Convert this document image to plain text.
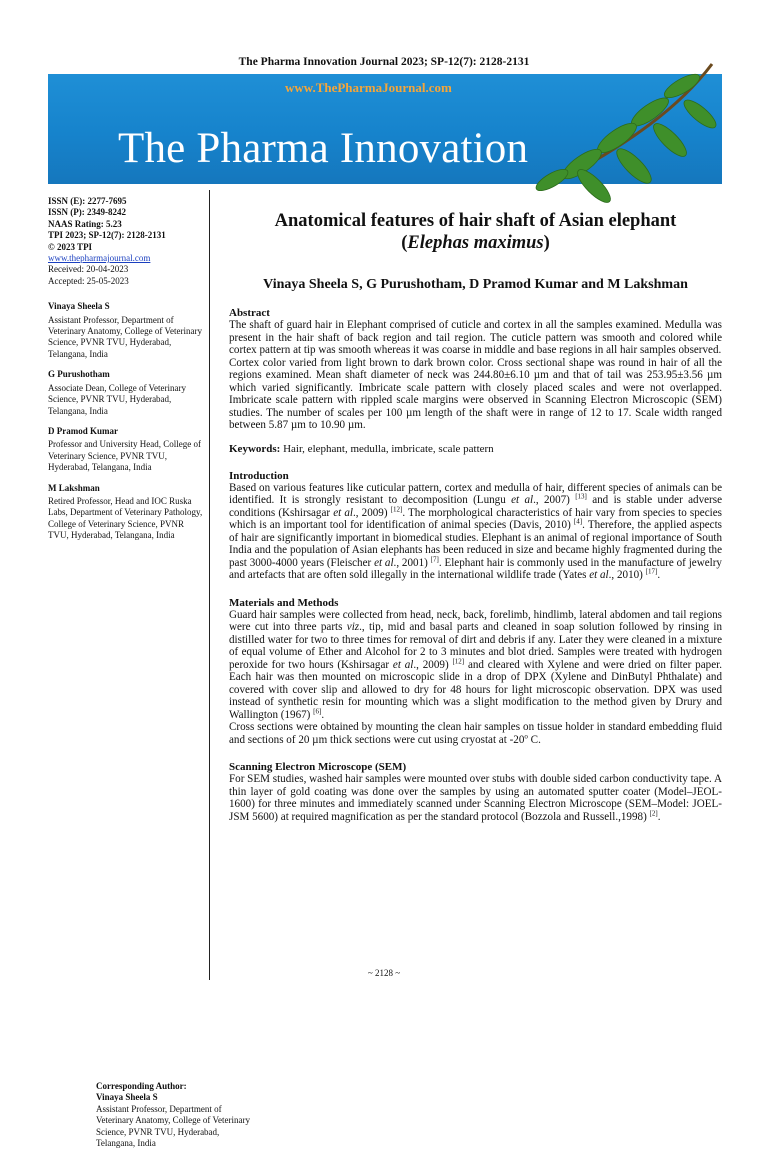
The Pharma Innovation Journal 2023; SP-12(7): 2128-2131
www.ThePharmaJournal.com
The Pharma Innovation
ISSN (E): 2277-7695
ISSN (P): 2349-8242
NAAS Rating: 5.23
TPI 2023; SP-12(7): 2128-2131
© 2023 TPI
www.thepharmajournal.com
Received: 20-04-2023
Accepted: 25-05-2023
Vinaya Sheela S
Assistant Professor, Department of Veterinary Anatomy, College of Veterinary Science, PVNR TVU, Hyderabad, Telangana, India
G Purushotham
Associate Dean, College of Veterinary Science, PVNR TVU, Hyderabad, Telangana, India
D Pramod Kumar
Professor and University Head, College of Veterinary Science, PVNR TVU, Hyderabad, Telangana, India
M Lakshman
Retired Professor, Head and IOC Ruska Labs, Department of Veterinary Pathology, College of Veterinary Science, PVNR TVU, Hyderabad, Telangana, India
Corresponding Author:
Vinaya Sheela S
Assistant Professor, Department of Veterinary Anatomy, College of Veterinary Science, PVNR TVU, Hyderabad, Telangana, India
Anatomical features of hair shaft of Asian elephant
(Elephas maximus)
Vinaya Sheela S, G Purushotham, D Pramod Kumar and M Lakshman
Abstract
The shaft of guard hair in Elephant comprised of cuticle and cortex in all the samples examined. Medulla was present in the hair shaft of back region and tail region. The cuticle pattern was smooth and colored while cortex pattern at tip was smooth whereas it was coarse in middle and base regions in all hair samples observed.
Cortex color varied from light brown to dark brown color. Cross sectional shape was round in hair of all the regions examined. Mean shaft diameter of neck was 244.80±6.10 µm and that of tail was 253.95±3.56 µm which varied significantly. Imbricate scale pattern with closely placed scales and were not overlapped. Imbricate scale pattern with rippled scale margins were observed in Scanning Electron Microscopic (SEM) studies. The number of scales per 100 µm length of the shaft were in range of 12 to 17. Scale width ranged between 5.87 µm to 10.90 µm.
Keywords: Hair, elephant, medulla, imbricate, scale pattern
Introduction
Based on various features like cuticular pattern, cortex and medulla of hair, different species of animals can be identified. It is strongly resistant to decomposition (Lungu et al., 2007) [13] and is stable under adverse conditions (Kshirsagar et al., 2009) [12]. The morphological characteristics of hair vary from species to species which is an important tool for identification of animal species (Davis, 2010) [4]. Therefore, the applied aspects of hair are significantly important in biomedical studies. Elephant is an animal of regional importance of South India and the population of Asian elephants has been reduced in size and became highly fragmented during the past 3000-4000 years (Fleischer et al., 2001) [7]. Elephant hair is commonly used in the manufacture of jewelry and artefacts that are often sold illegally in the international wildlife trade (Yates et al., 2010) [17].
Materials and Methods
Guard hair samples were collected from head, neck, back, forelimb, hindlimb, lateral abdomen and tail regions were cut into three parts viz., tip, mid and basal parts and cleaned in soap solution followed by rinsing in distilled water for two to three times for removal of dirt and debris if any. Later they were cleaned in a mixture of equal volume of Ether and Alcohol for 2 to 3 minutes and blot dried. Samples were treated with hydrogen peroxide for two hours (Kshirsagar et al., 2009) [12] and cleared with Xylene and were dried on filter paper. Each hair was then mounted on microscopic slide in a drop of DPX (Xylene and DinButyl Phthalate) and covered with cover slip and allowed to dry for 48 hours for light microscopic observation. DPX was used instead of synthetic resin for mounting which was a slight modification to the method given by Drury and Wallington (1967) [6].
Cross sections were obtained by mounting the clean hair samples on tissue holder in standard embedding fluid and sections of 20 µm thick sections were cut using cryostat at -20$^o$ C.
Scanning Electron Microscope (SEM)
For SEM studies, washed hair samples were mounted over stubs with double sided carbon conductivity tape. A thin layer of gold coating was done over the samples by using an automated sputter coater (Model–JEOL-1600) for three minutes and immediately scanned under Scanning Electron Microscope (SEM–Model: JOEL-JSM 5600) at required magnification as per the standard protocol (Bozzola and Russell.,1998) [2].
~ 2128 ~
